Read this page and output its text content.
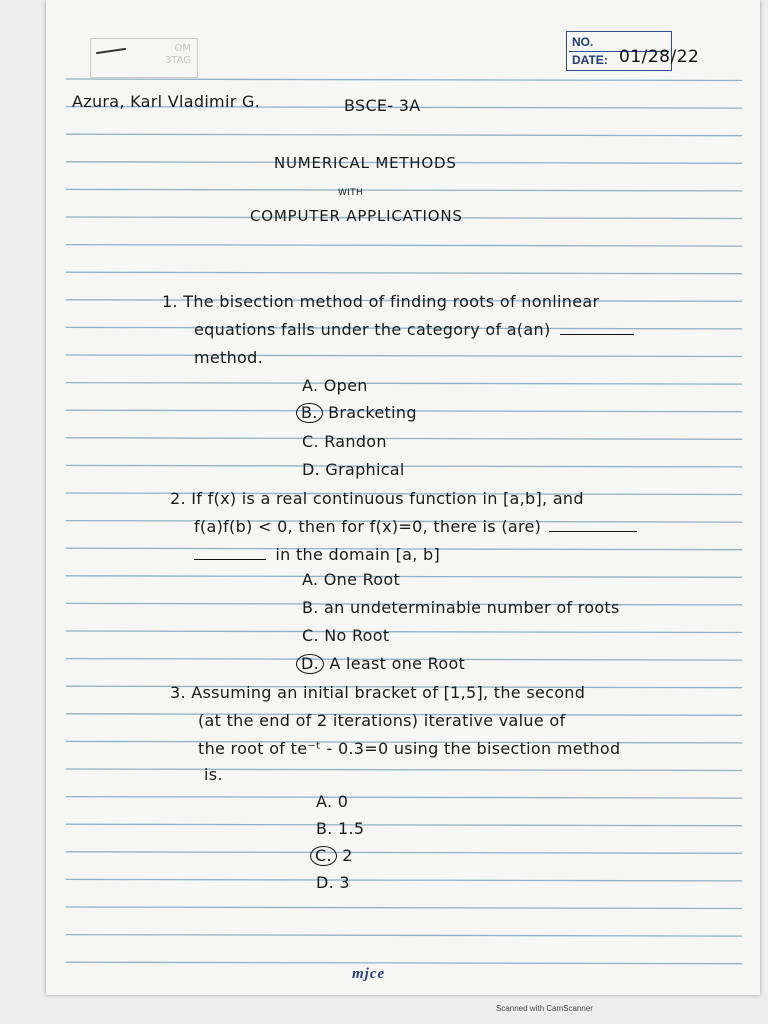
OM
3TAG
NO.
DATE: 01/28/22
Azura, Karl Vladimir G.	BSCE- 3A
NUMERICAL METHODS
WITH
COMPUTER APPLICATIONS
1. The bisection method of finding roots of nonlinear
equations falls under the category of a(an)
method.
A. Open
B. Bracketing
C. Randon
D. Graphical
2. If f(x) is a real continuous function in [a,b], and
f(a)f(b) < 0, then for f(x)=0, there is (are)
in the domain [a, b]
A. One Root
B. an undeterminable number of roots
C. No Root
D. A least one Root
3. Assuming an initial bracket of [1,5], the second
(at the end of 2 iterations) iterative value of
the root of te⁻ᵗ - 0.3=0 using the bisection method
is.
A. 0
B. 1.5
C. 2
D. 3
mjce
Scanned with CamScanner
